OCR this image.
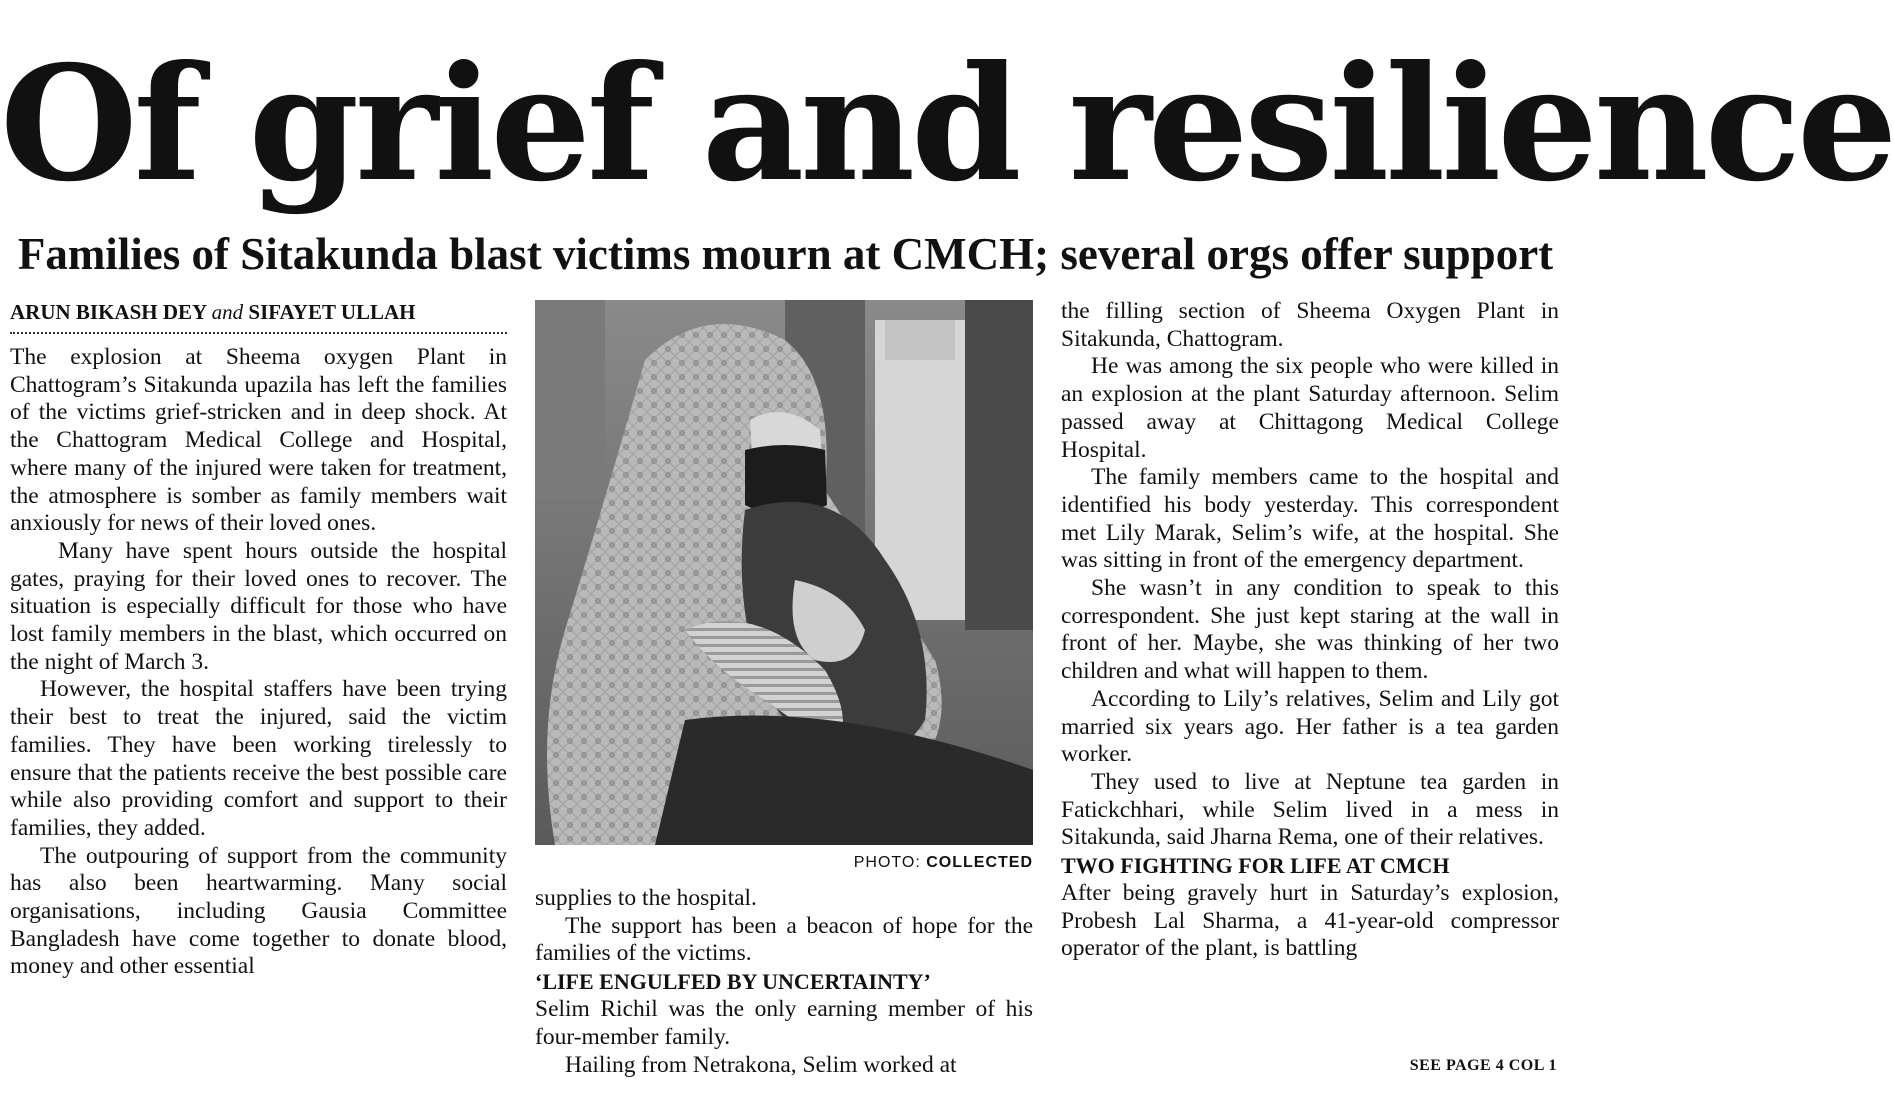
Of grief and resilience
Families of Sitakunda blast victims mourn at CMCH; several orgs offer support
ARUN BIKASH DEY and SIFAYET ULLAH

The explosion at Sheema oxygen Plant in Chattogram’s Sitakunda upazila has left the families of the victims grief-stricken and in deep shock. At the Chattogram Medical College and Hospital, where many of the injured were taken for treatment, the atmosphere is somber as family members wait anxiously for news of their loved ones.

Many have spent hours outside the hospital gates, praying for their loved ones to recover. The situation is especially difficult for those who have lost family members in the blast, which occurred on the night of March 3.

However, the hospital staffers have been trying their best to treat the injured, said the victim families. They have been working tirelessly to ensure that the patients receive the best possible care while also providing comfort and support to their families, they added.

The outpouring of support from the community has also been heartwarming. Many social organisations, including Gausia Committee Bangladesh have come together to donate blood, money and other essential

PHOTO: COLLECTED

supplies to the hospital.

The support has been a beacon of hope for the families of the victims.

‘LIFE ENGULFED BY UNCERTAINTY’

Selim Richil was the only earning member of his four-member family.

Hailing from Netrakona, Selim worked at

the filling section of Sheema Oxygen Plant in Sitakunda, Chattogram.

He was among the six people who were killed in an explosion at the plant Saturday afternoon. Selim passed away at Chittagong Medical College Hospital.

The family members came to the hospital and identified his body yesterday. This correspondent met Lily Marak, Selim’s wife, at the hospital. She was sitting in front of the emergency department.

She wasn’t in any condition to speak to this correspondent. She just kept staring at the wall in front of her. Maybe, she was thinking of her two children and what will happen to them.

According to Lily’s relatives, Selim and Lily got married six years ago. Her father is a tea garden worker.

They used to live at Neptune tea garden in Fatickchhari, while Selim lived in a mess in Sitakunda, said Jharna Rema, one of their relatives.

TWO FIGHTING FOR LIFE AT CMCH

After being gravely hurt in Saturday’s explosion, Probesh Lal Sharma, a 41-year-old compressor operator of the plant, is battling

SEE PAGE 4 COL 1
